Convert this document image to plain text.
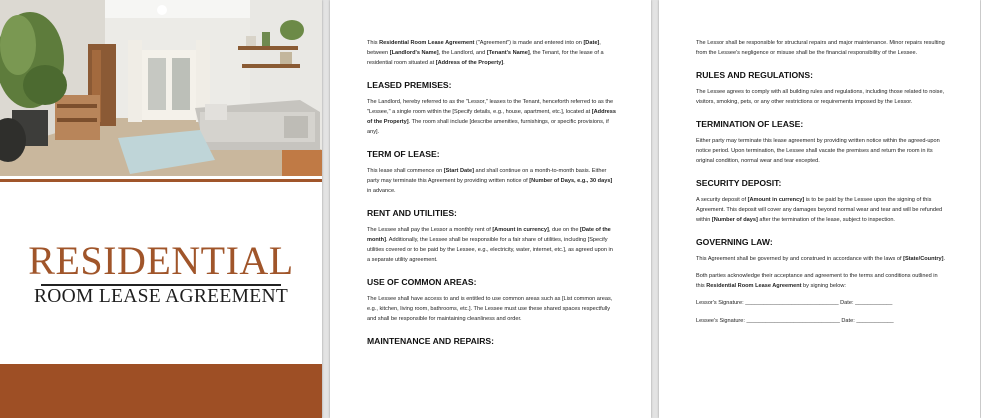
RESIDENTIAL
ROOM LEASE AGREEMENT

This Residential Room Lease Agreement ("Agreement") is made and entered into on [Date], between [Landlord's Name], the Landlord, and [Tenant's Name], the Tenant, for the lease of a residential room situated at [Address of the Property].

LEASED PREMISES:

The Landlord, hereby referred to as the "Lessor," leases to the Tenant, henceforth referred to as the "Lessee," a single room within the [Specify details, e.g., house, apartment, etc.], located at [Address of the Property]. The room shall include [describe amenities, furnishings, or specific provisions, if any].

TERM OF LEASE:

This lease shall commence on [Start Date] and shall continue on a month-to-month basis. Either party may terminate this Agreement by providing written notice of [Number of Days, e.g., 30 days] in advance.

RENT AND UTILITIES:

The Lessee shall pay the Lessor a monthly rent of [Amount in currency], due on the [Date of the month]. Additionally, the Lessee shall be responsible for a fair share of utilities, including [Specify utilities covered or to be paid by the Lessee, e.g., electricity, water, internet, etc.], as agreed upon in a separate utility agreement.

USE OF COMMON AREAS:

The Lessee shall have access to and is entitled to use common areas such as [List common areas, e.g., kitchen, living room, bathrooms, etc.]. The Lessee must use these shared spaces respectfully and shall be responsible for maintaining cleanliness and order.

MAINTENANCE AND REPAIRS:

The Lessor shall be responsible for structural repairs and major maintenance. Minor repairs resulting from the Lessee's negligence or misuse shall be the financial responsibility of the Lessee.

RULES AND REGULATIONS:

The Lessee agrees to comply with all building rules and regulations, including those related to noise, visitors, smoking, pets, or any other restrictions or requirements imposed by the Lessor.

TERMINATION OF LEASE:

Either party may terminate this lease agreement by providing written notice within the agreed-upon notice period. Upon termination, the Lessee shall vacate the premises and return the room in its original condition, normal wear and tear excepted.

SECURITY DEPOSIT:

A security deposit of [Amount in currency] is to be paid by the Lessee upon the signing of this Agreement. This deposit will cover any damages beyond normal wear and tear and will be refunded within [Number of days] after the termination of the lease, subject to inspection.

GOVERNING LAW:

This Agreement shall be governed by and construed in accordance with the laws of [State/Country].

Both parties acknowledge their acceptance and agreement to the terms and conditions outlined in this Residential Room Lease Agreement by signing below:

Lessor's Signature: ______________________________ Date: ____________

Lessee's Signature: ______________________________ Date: ____________
